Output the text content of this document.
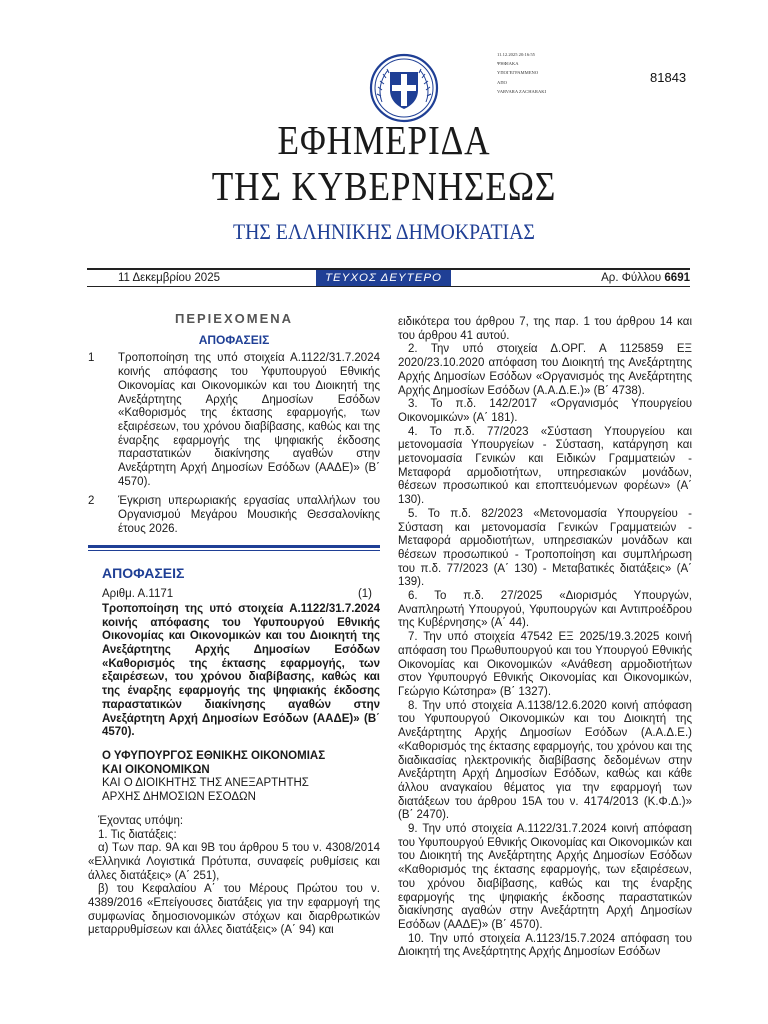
11.12.2025 20:16:55
ΨΗΦΙΑΚΑ
ΥΠΟΓΕΓΡΑΜΜΕΝΟ
ΑΠΟ
VARVARA ZACHARAKI
81843
ΕΦΗΜΕΡΙΔΑ
ΤΗΣ ΚΥΒΕΡΝΗΣΕΩΣ
ΤΗΣ ΕΛΛΗΝΙΚΗΣ ΔΗΜΟΚΡΑΤΙΑΣ
11 Δεκεμβρίου 2025	ΤΕΥΧΟΣ ΔΕΥΤΕΡΟ	Αρ. Φύλλου 6691
ΠΕΡΙΕΧΟΜΕΝΑ
ΑΠΟΦΑΣΕΙΣ
1	Τροποποίηση της υπό στοιχεία Α.1122/31.7.2024 κοινής απόφασης του Υφυπουργού Εθνικής Οικονομίας και Οικονομικών και του Διοικητή της Ανεξάρτητης Αρχής Δημοσίων Εσόδων «Καθορισμός της έκτασης εφαρμογής, των εξαιρέσεων, του χρόνου διαβίβασης, καθώς και της έναρξης εφαρμογής της ψηφιακής έκδοσης παραστατικών διακίνησης αγαθών στην Ανεξάρτητη Αρχή Δημοσίων Εσόδων (ΑΑΔΕ)» (Β΄ 4570).
2	Έγκριση υπερωριακής εργασίας υπαλλήλων του Οργανισμού Μεγάρου Μουσικής Θεσσαλονίκης έτους 2026.
ΑΠΟΦΑΣΕΙΣ
Αριθμ. Α.1171	(1)
Τροποποίηση της υπό στοιχεία Α.1122/31.7.2024 κοινής απόφασης του Υφυπουργού Εθνικής Οικονομίας και Οικονομικών και του Διοικητή της Ανεξάρτητης Αρχής Δημοσίων Εσόδων «Καθορισμός της έκτασης εφαρμογής, των εξαιρέσεων, του χρόνου διαβίβασης, καθώς και της έναρξης εφαρμογής της ψηφιακής έκδοσης παραστατικών διακίνησης αγαθών στην Ανεξάρτητη Αρχή Δημοσίων Εσόδων (ΑΑΔΕ)» (Β΄ 4570).
Ο ΥΦΥΠΟΥΡΓΟΣ ΕΘΝΙΚΗΣ ΟΙΚΟΝΟΜΙΑΣ
ΚΑΙ ΟΙΚΟΝΟΜΙΚΩΝ
ΚΑΙ Ο ΔΙΟΙΚΗΤΗΣ ΤΗΣ ΑΝΕΞΑΡΤΗΤΗΣ
ΑΡΧΗΣ ΔΗΜΟΣΙΩΝ ΕΣΟΔΩΝ

Έχοντας υπόψη:

1. Τις διατάξεις:

α) Των παρ. 9Α και 9Β του άρθρου 5 του ν. 4308/2014 «Ελληνικά Λογιστικά Πρότυπα, συναφείς ρυθμίσεις και άλλες διατάξεις» (Α΄ 251),

β) του Κεφαλαίου Α΄ του Μέρους Πρώτου του ν. 4389/2016 «Επείγουσες διατάξεις για την εφαρμογή της συμφωνίας δημοσιονομικών στόχων και διαρθρωτικών μεταρρυθμίσεων και άλλες διατάξεις» (Α΄ 94) και

ειδικότερα του άρθρου 7, της παρ. 1 του άρθρου 14 και του άρθρου 41 αυτού.

2. Την υπό στοιχεία Δ.ΟΡΓ. Α 1125859 ΕΞ 2020/23.10.2020 απόφαση του Διοικητή της Ανεξάρτητης Αρχής Δημοσίων Εσόδων «Οργανισμός της Ανεξάρτητης Αρχής Δημοσίων Εσόδων (Α.Α.Δ.Ε.)» (Β΄ 4738).

3. Το π.δ. 142/2017 «Οργανισμός Υπουργείου Οικονομικών» (Α΄ 181).

4. Το π.δ. 77/2023 «Σύσταση Υπουργείου και μετονομασία Υπουργείων - Σύσταση, κατάργηση και μετονομασία Γενικών και Ειδικών Γραμματειών - Μεταφορά αρμοδιοτήτων, υπηρεσιακών μονάδων, θέσεων προσωπικού και εποπτευόμενων φορέων» (Α΄ 130).

5. Το π.δ. 82/2023 «Μετονομασία Υπουργείου - Σύσταση και μετονομασία Γενικών Γραμματειών - Μεταφορά αρμοδιοτήτων, υπηρεσιακών μονάδων και θέσεων προσωπικού - Τροποποίηση και συμπλήρωση του π.δ. 77/2023 (Α΄ 130) - Μεταβατικές διατάξεις» (Α΄ 139).

6. Το π.δ. 27/2025 «Διορισμός Υπουργών, Αναπληρωτή Υπουργού, Υφυπουργών και Αντιπροέδρου της Κυβέρνησης» (Α΄ 44).

7. Την υπό στοιχεία 47542 ΕΞ 2025/19.3.2025 κοινή απόφαση του Πρωθυπουργού και του Υπουργού Εθνικής Οικονομίας και Οικονομικών «Ανάθεση αρμοδιοτήτων στον Υφυπουργό Εθνικής Οικονομίας και Οικονομικών, Γεώργιο Κώτσηρα» (Β΄ 1327).

8. Την υπό στοιχεία Α.1138/12.6.2020 κοινή απόφαση του Υφυπουργού Οικονομικών και του Διοικητή της Ανεξάρτητης Αρχής Δημοσίων Εσόδων (Α.Α.Δ.Ε.) «Καθορισμός της έκτασης εφαρμογής, του χρόνου και της διαδικασίας ηλεκτρονικής διαβίβασης δεδομένων στην Ανεξάρτητη Αρχή Δημοσίων Εσόδων, καθώς και κάθε άλλου αναγκαίου θέματος για την εφαρμογή των διατάξεων του άρθρου 15Α του ν. 4174/2013 (Κ.Φ.Δ.)» (Β΄ 2470).

9. Την υπό στοιχεία Α.1122/31.7.2024 κοινή απόφαση του Υφυπουργού Εθνικής Οικονομίας και Οικονομικών και του Διοικητή της Ανεξάρτητης Αρχής Δημοσίων Εσόδων «Καθορισμός της έκτασης εφαρμογής, των εξαιρέσεων, του χρόνου διαβίβασης, καθώς και της έναρξης εφαρμογής της ψηφιακής έκδοσης παραστατικών διακίνησης αγαθών στην Ανεξάρτητη Αρχή Δημοσίων Εσόδων (ΑΑΔΕ)» (Β΄ 4570).

10. Την υπό στοιχεία Α.1123/15.7.2024 απόφαση του Διοικητή της Ανεξάρτητης Αρχής Δημοσίων Εσόδων
